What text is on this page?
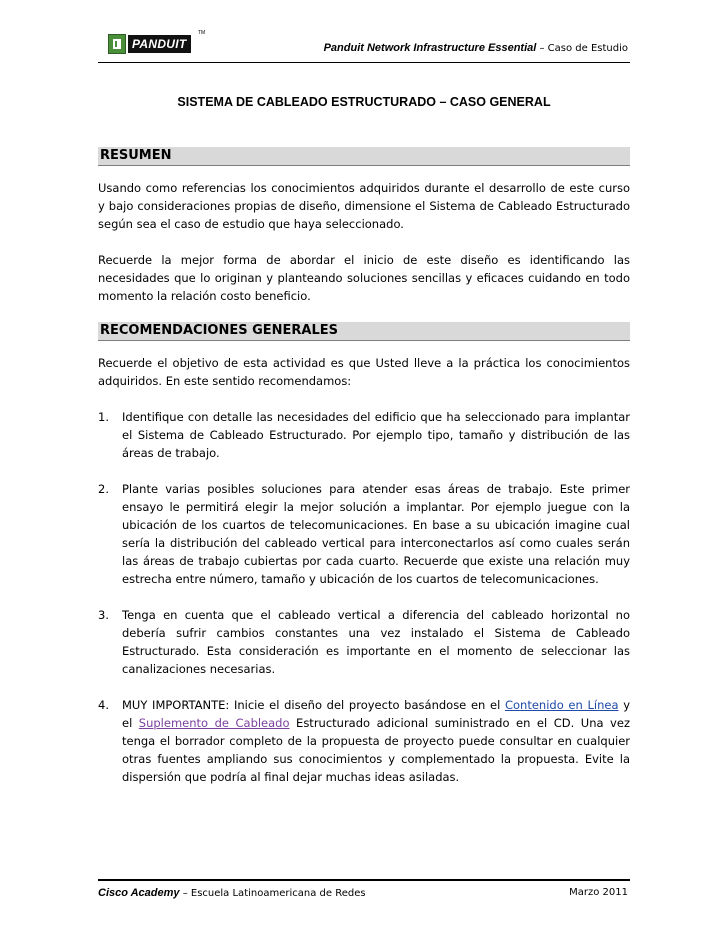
PANDUIT
TM
Panduit Network Infrastructure Essential – Caso de Estudio
SISTEMA DE CABLEADO ESTRUCTURADO – CASO GENERAL
RESUMEN

Usando como referencias los conocimientos adquiridos durante el desarrollo de este curso y bajo consideraciones propias de diseño, dimensione el Sistema de Cableado Estructurado según sea el caso de estudio que haya seleccionado.

Recuerde la mejor forma de abordar el inicio de este diseño es identificando las necesidades que lo originan y planteando soluciones sencillas y eficaces cuidando en todo momento la relación costo beneficio.

RECOMENDACIONES GENERALES

Recuerde el objetivo de esta actividad es que Usted lleve a la práctica los conocimientos adquiridos. En este sentido recomendamos:

1. Identifique con detalle las necesidades del edificio que ha seleccionado para implantar el Sistema de Cableado Estructurado. Por ejemplo tipo, tamaño y distribución de las áreas de trabajo.
2. Plante varias posibles soluciones para atender esas áreas de trabajo. Este primer ensayo le permitirá elegir la mejor solución a implantar. Por ejemplo juegue con la ubicación de los cuartos de telecomunicaciones. En base a su ubicación imagine cual sería la distribución del cableado vertical para interconectarlos así como cuales serán las áreas de trabajo cubiertas por cada cuarto. Recuerde que existe una relación muy estrecha entre número, tamaño y ubicación de los cuartos de telecomunicaciones.
3. Tenga en cuenta que el cableado vertical a diferencia del cableado horizontal no debería sufrir cambios constantes una vez instalado el Sistema de Cableado Estructurado. Esta consideración es importante en el momento de seleccionar las canalizaciones necesarias.
4. MUY IMPORTANTE: Inicie el diseño del proyecto basándose en el Contenido en Línea y el Suplemento de Cableado Estructurado adicional suministrado en el CD. Una vez tenga el borrador completo de la propuesta de proyecto puede consultar en cualquier otras fuentes ampliando sus conocimientos y complementado la propuesta. Evite la dispersión que podría al final dejar muchas ideas asiladas.
Cisco Academy – Escuela Latinoamericana de Redes	Marzo 2011
